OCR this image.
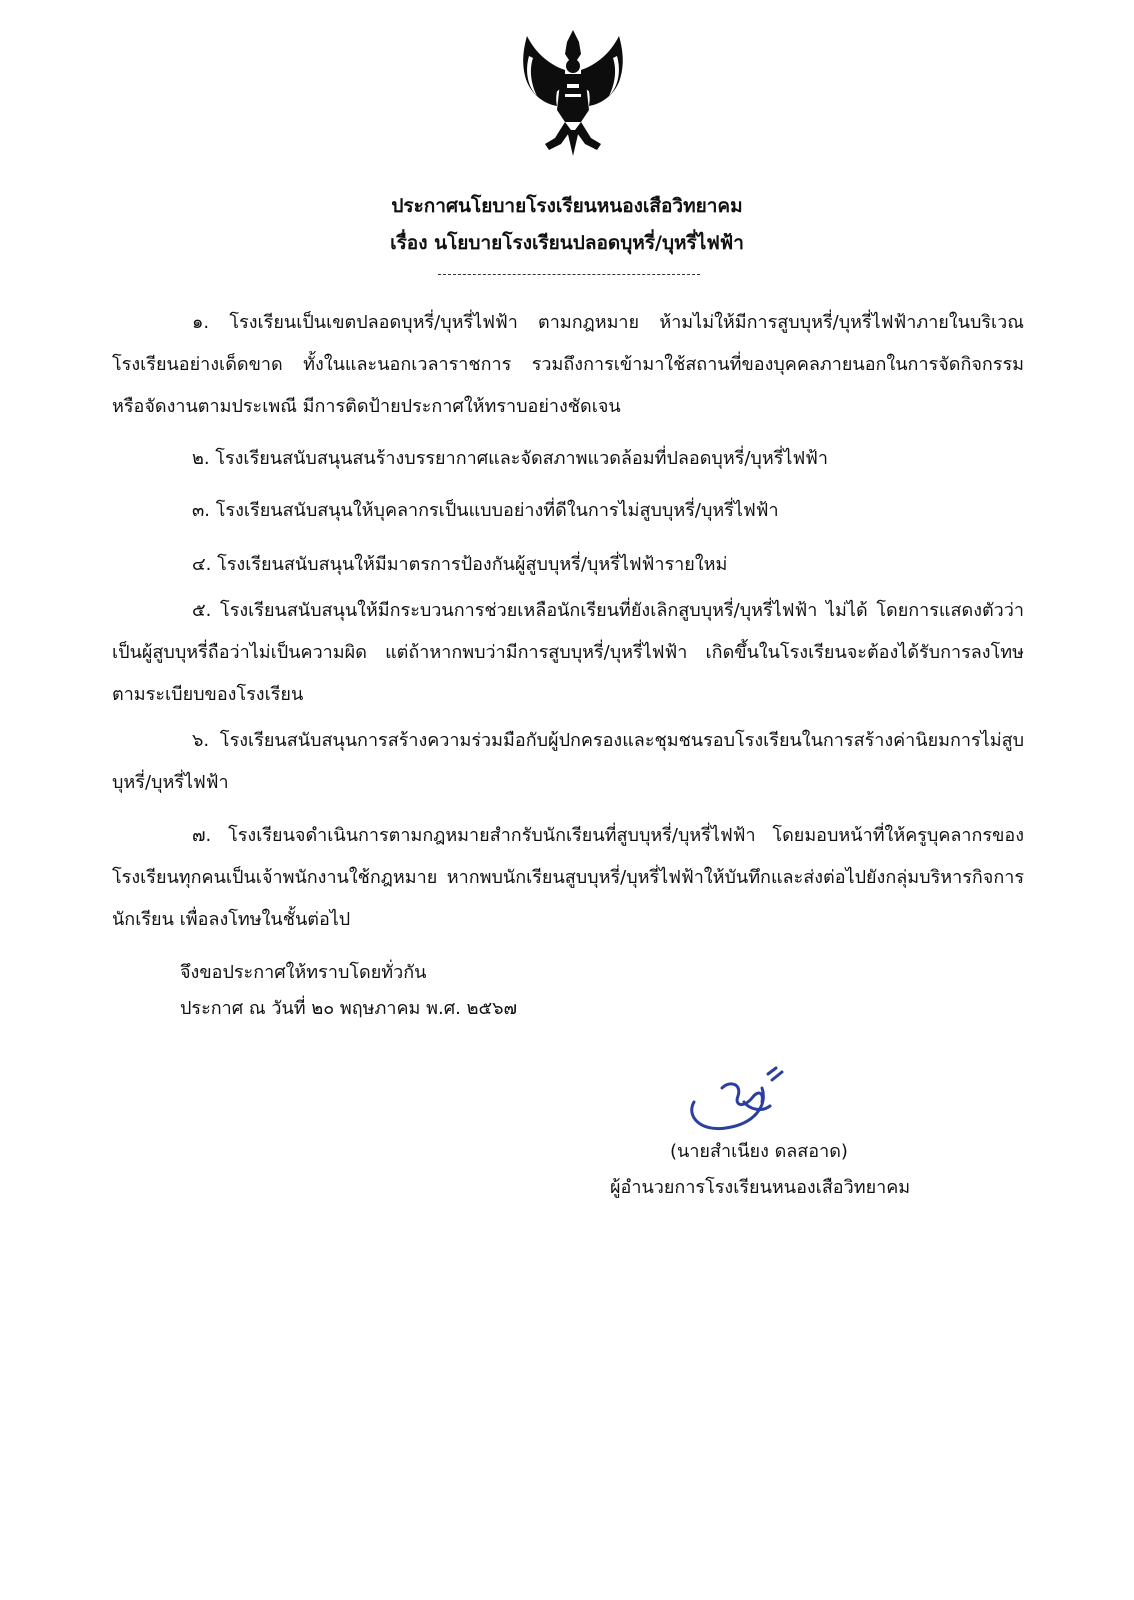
ประกาศนโยบายโรงเรียนหนองเสือวิทยาคม
เรื่อง นโยบายโรงเรียนปลอดบุหรี่/บุหรี่ไฟฟ้า
๑. โรงเรียนเป็นเขตปลอดบุหรี่/บุหรี่ไฟฟ้า ตามกฎหมาย ห้ามไม่ให้มีการสูบบุหรี่/บุหรี่ไฟฟ้าภายในบริเวณโรงเรียนอย่างเด็ดขาด ทั้งในและนอกเวลาราชการ รวมถึงการเข้ามาใช้สถานที่ของบุคคลภายนอกในการจัดกิจกรรมหรือจัดงานตามประเพณี มีการติดป้ายประกาศให้ทราบอย่างชัดเจน
๒. โรงเรียนสนับสนุนสนร้างบรรยากาศและจัดสภาพแวดล้อมที่ปลอดบุหรี่/บุหรี่ไฟฟ้า
๓. โรงเรียนสนับสนุนให้บุคลากรเป็นแบบอย่างที่ดีในการไม่สูบบุหรี่/บุหรี่ไฟฟ้า
๔. โรงเรียนสนับสนุนให้มีมาตรการป้องกันผู้สูบบุหรี่/บุหรี่ไฟฟ้ารายใหม่
๕. โรงเรียนสนับสนุนให้มีกระบวนการช่วยเหลือนักเรียนที่ยังเลิกสูบบุหรี่/บุหรี่ไฟฟ้า ไม่ได้ โดยการแสดงตัวว่าเป็นผู้สูบบุหรี่ถือว่าไม่เป็นความผิด แต่ถ้าหากพบว่ามีการสูบบุหรี่/บุหรี่ไฟฟ้า เกิดขึ้นในโรงเรียนจะต้องได้รับการลงโทษตามระเบียบของโรงเรียน
๖. โรงเรียนสนับสนุนการสร้างความร่วมมือกับผู้ปกครองและชุมชนรอบโรงเรียนในการสร้างค่านิยมการไม่สูบบุหรี่/บุหรี่ไฟฟ้า
๗. โรงเรียนจดำเนินการตามกฎหมายสำกรับนักเรียนที่สูบบุหรี่/บุหรี่ไฟฟ้า โดยมอบหน้าที่ให้ครูบุคลากรของโรงเรียนทุกคนเป็นเจ้าพนักงานใช้กฎหมาย หากพบนักเรียนสูบบุหรี่/บุหรี่ไฟฟ้าให้บันทึกและส่งต่อไปยังกลุ่มบริหารกิจการนักเรียน เพื่อลงโทษในชั้นต่อไป
จึงขอประกาศให้ทราบโดยทั่วกัน
ประกาศ ณ วันที่ ๒๐ พฤษภาคม พ.ศ. ๒๕๖๗
(นายสำเนียง ดลสอาด)
ผู้อำนวยการโรงเรียนหนองเสือวิทยาคม
